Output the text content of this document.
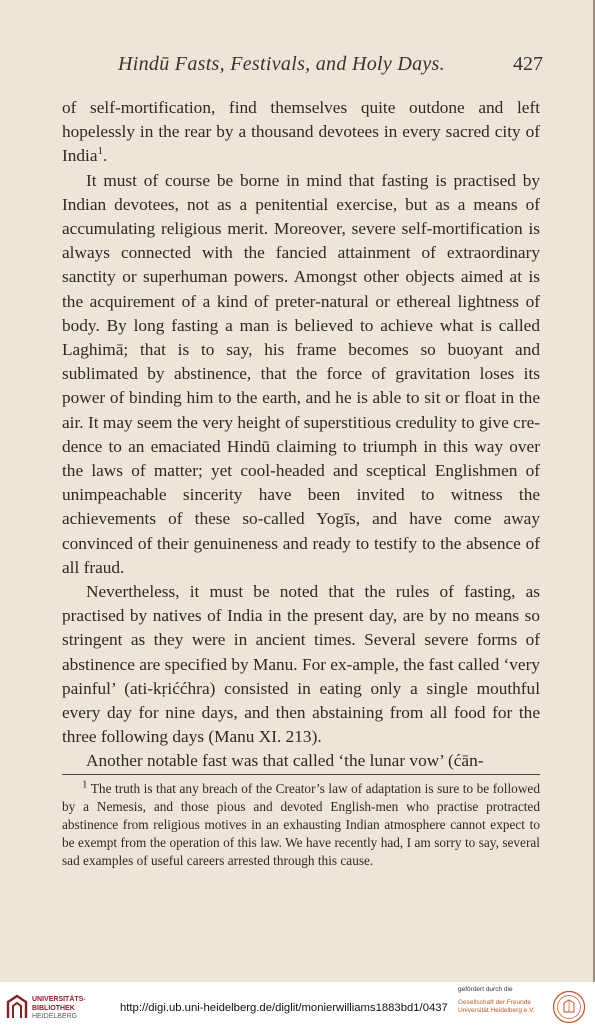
Hindū Fasts, Festivals, and Holy Days.	427

of self-mortification, find themselves quite outdone and left hopelessly in the rear by a thousand devotees in every sacred city of India$^1$.

It must of course be borne in mind that fasting is practised by Indian devotees, not as a penitential exercise, but as a means of accumulating religious merit. Moreover, severe self-mortification is always connected with the fancied attainment of extraordinary sanctity or superhuman powers. Amongst other objects aimed at is the acquirement of a kind of preter-natural or ethereal lightness of body. By long fasting a man is believed to achieve what is called Laghimā; that is to say, his frame becomes so buoyant and sublimated by abstinence, that the force of gravitation loses its power of binding him to the earth, and he is able to sit or float in the air. It may seem the very height of superstitious credulity to give cre-dence to an emaciated Hindū claiming to triumph in this way over the laws of matter; yet cool-headed and sceptical Englishmen of unimpeachable sincerity have been invited to witness the achievements of these so-called Yogīs, and have come away convinced of their genuineness and ready to testify to the absence of all fraud.

Nevertheless, it must be noted that the rules of fasting, as practised by natives of India in the present day, are by no means so stringent as they were in ancient times. Several severe forms of abstinence are specified by Manu. For ex-ample, the fast called ‘very painful’ (ati-kṛiććhra) consisted in eating only a single mouthful every day for nine days, and then abstaining from all food for the three following days (Manu XI. 213).

Another notable fast was that called ‘the lunar vow’ (ćān-

$^1$ The truth is that any breach of the Creator’s law of adaptation is sure to be followed by a Nemesis, and those pious and devoted English-men who practise protracted abstinence from religious motives in an exhausting Indian atmosphere cannot expect to be exempt from the operation of this law. We have recently had, I am sorry to say, several sad examples of useful careers arrested through this cause.
UNIVERSITÄTS-
BIBLIOTHEK
HEIDELBERG
http://digi.ub.uni-heidelberg.de/diglit/monierwilliams1883bd1/0437
gefördert durch die
Gesellschaft der Freunde
Universität Heidelberg e.V.
